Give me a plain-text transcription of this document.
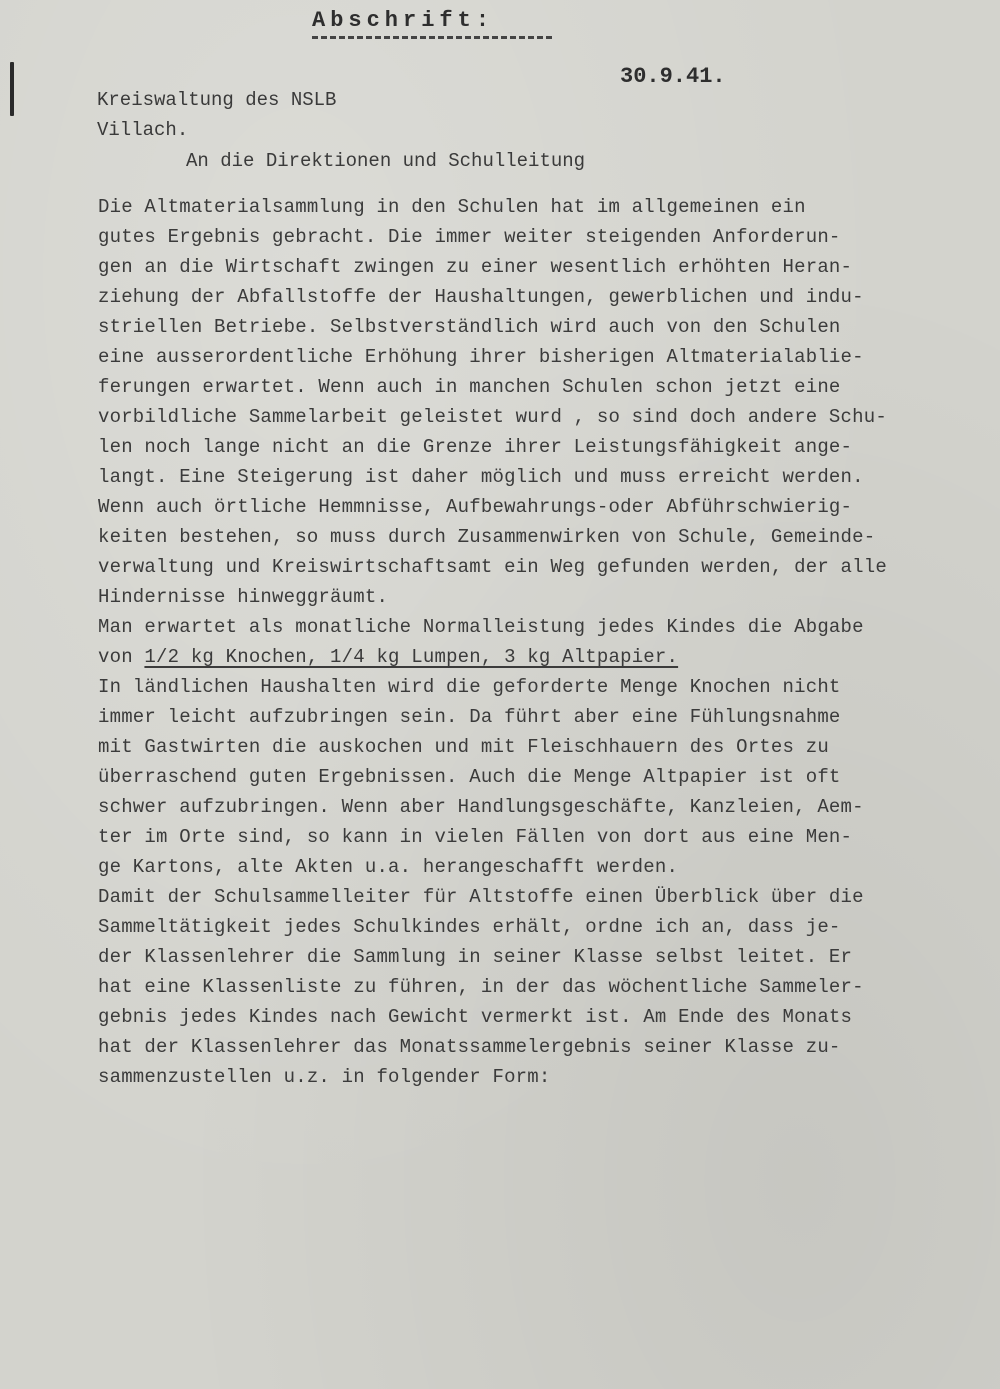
Abschrift:
30.9.41.
Kreiswaltung des NSLB
Villach.
An die Direktionen und Schulleitung
Die Altmaterialsammlung in den Schulen hat im allgemeinen ein
gutes Ergebnis gebracht. Die immer weiter steigenden Anforderun-
gen an die Wirtschaft zwingen zu einer wesentlich erhöhten Heran-
ziehung der Abfallstoffe der Haushaltungen, gewerblichen und indu-
striellen Betriebe. Selbstverständlich wird auch von den Schulen
eine ausserordentliche Erhöhung ihrer bisherigen Altmaterialablie-
ferungen erwartet. Wenn auch in manchen Schulen schon jetzt eine
vorbildliche Sammelarbeit geleistet wurd , so sind doch andere Schu-
len noch lange nicht an die Grenze ihrer Leistungsfähigkeit ange-
langt. Eine Steigerung ist daher möglich und muss erreicht werden.
Wenn auch örtliche Hemmnisse, Aufbewahrungs-oder Abführschwierig-
keiten bestehen, so muss durch Zusammenwirken von Schule, Gemeinde-
verwaltung und Kreiswirtschaftsamt ein Weg gefunden werden, der alle
Hindernisse hinweggräumt.
Man erwartet als monatliche Normalleistung jedes Kindes die Abgabe
von 1/2 kg Knochen, 1/4 kg Lumpen, 3 kg Altpapier.
In ländlichen Haushalten wird die geforderte Menge Knochen nicht
immer leicht aufzubringen sein. Da führt aber eine Fühlungsnahme
mit Gastwirten die auskochen und mit Fleischhauern des Ortes zu
überraschend guten Ergebnissen. Auch die Menge Altpapier ist oft
schwer aufzubringen. Wenn aber Handlungsgeschäfte, Kanzleien, Aem-
ter im Orte sind, so kann in vielen Fällen von dort aus eine Men-
ge Kartons, alte Akten u.a. herangeschafft werden.
Damit der Schulsammelleiter für Altstoffe einen Überblick über die
Sammeltätigkeit jedes Schulkindes erhält, ordne ich an, dass je-
der Klassenlehrer die Sammlung in seiner Klasse selbst leitet. Er
hat eine Klassenliste zu führen, in der das wöchentliche Sammeler-
gebnis jedes Kindes nach Gewicht vermerkt ist. Am Ende des Monats
hat der Klassenlehrer das Monatssammelergebnis seiner Klasse zu-
sammenzustellen u.z. in folgender Form:
